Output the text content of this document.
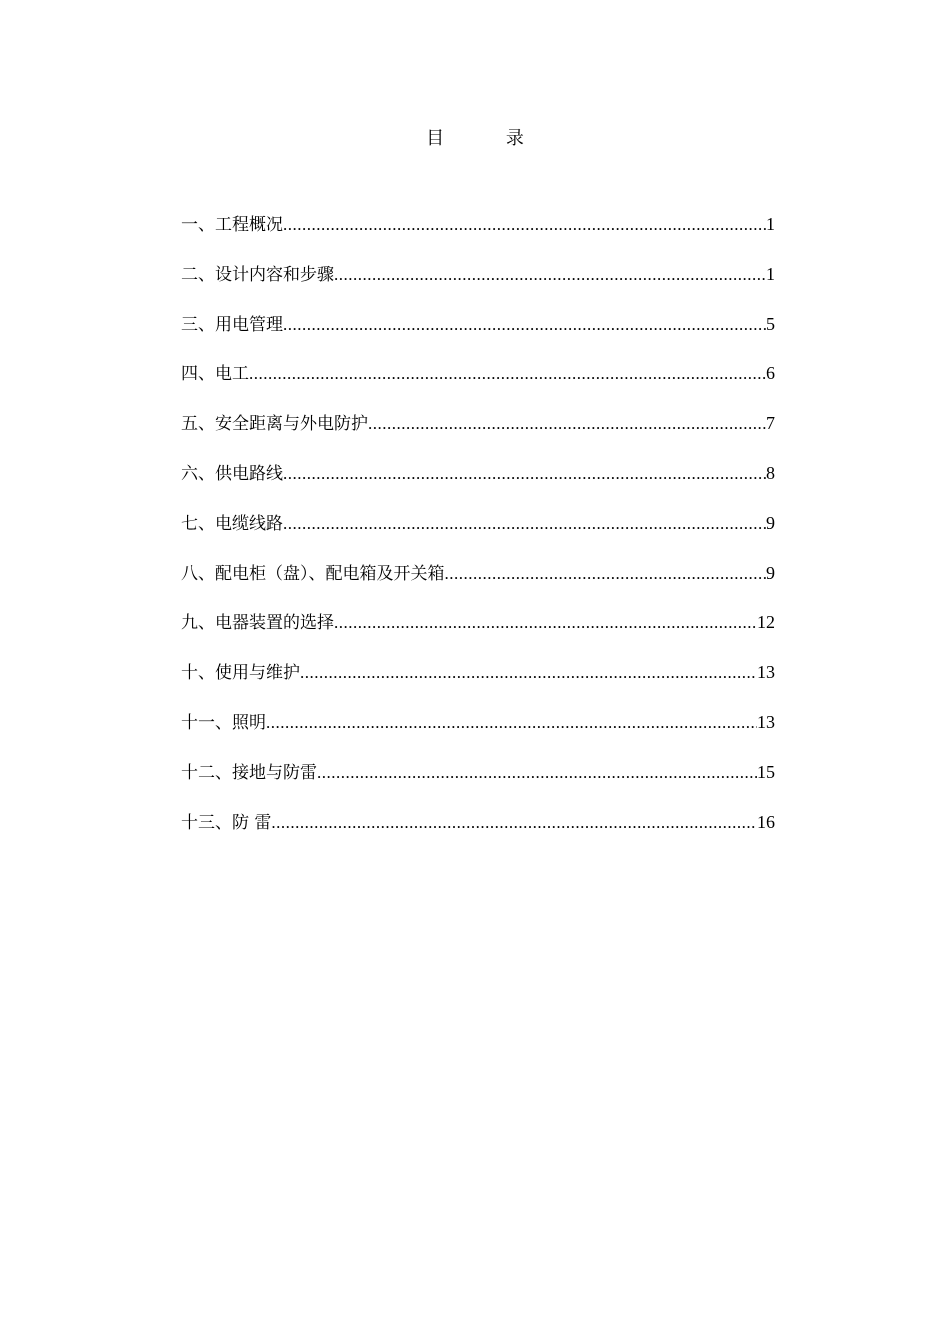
目 录
一、工程概况 .....	1
二、设计内容和步骤 .....	1
三、用电管理 .....	5
四、电工 .....	6
五、安全距离与外电防护 .....	7
六、供电路线 .....	8
七、电缆线路 .....	9
八、配电柜（盘）、配电箱及开关箱 .....	9
九、电器装置的选择 .....	12
十、使用与维护 .....	13
十一、照明 .....	13
十二、接地与防雷 .....	15
十三、防 雷 .....	16
